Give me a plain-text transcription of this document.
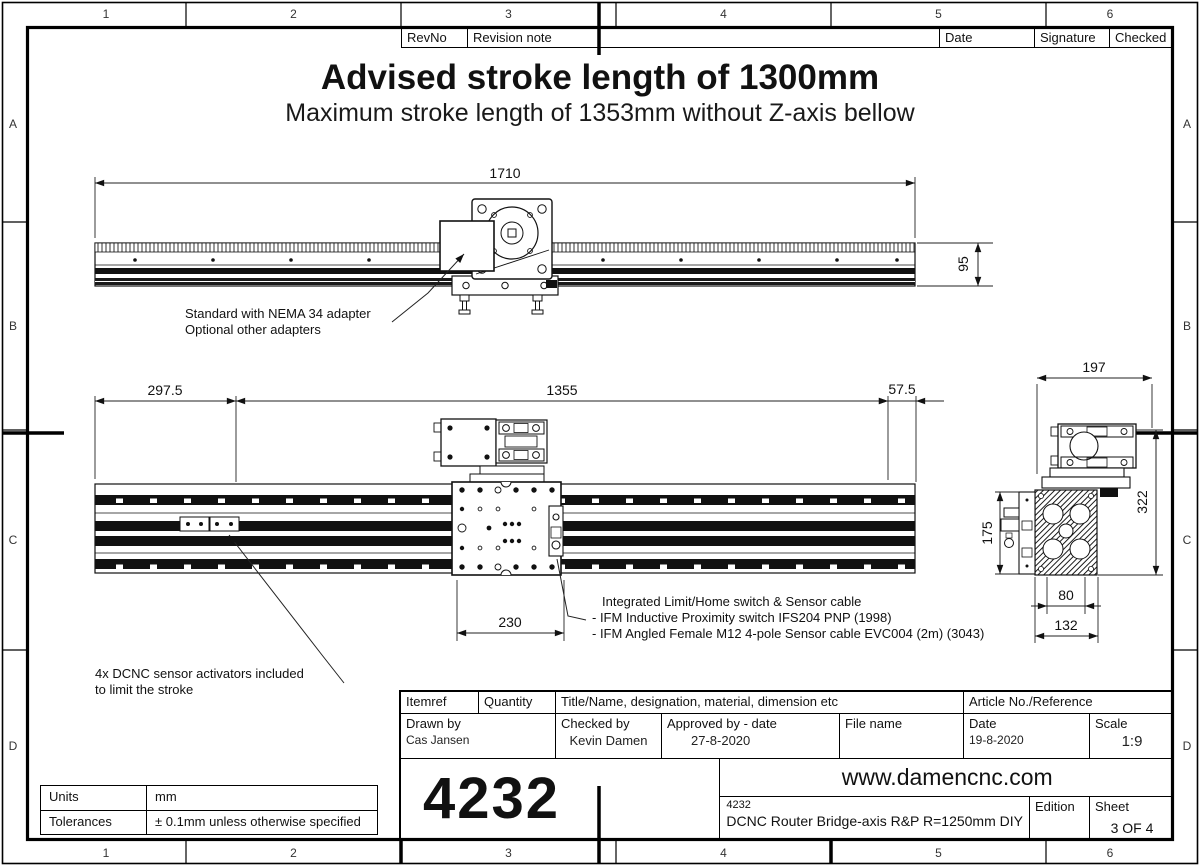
1710
95
297.5	1355	57.5
230
197
322
175
80
132
1	2	3	4	5	6
1	2	3	4	5	6
A
B
C
D
A
B
C
D
RevNo	Revision note	Date	Signature	Checked
Advised stroke length of 1300mm
Maximum stroke length of 1353mm without Z-axis bellow
Standard with NEMA 34 adapter
Optional other adapters
4x DCNC sensor activators included
to limit the stroke
Integrated Limit/Home switch & Sensor cable
- IFM Inductive Proximity switch IFS204 PNP (1998)
- IFM Angled Female M12 4-pole Sensor cable EVC004 (2m) (3043)
Itemref	Quantity	Title/Name, designation, material, dimension etc	Article No./Reference
Drawn by
Cas Jansen
Checked by
Kevin Damen
Approved by - date
27-8-2020
File name	Date
19-8-2020
Scale
1:9
4232	www.damencnc.com
4232
DCNC Router Bridge-axis R&P R=1250mm DIY
Edition	Sheet
3 OF 4
Units	mm
Tolerances	± 0.1mm unless otherwise specified
